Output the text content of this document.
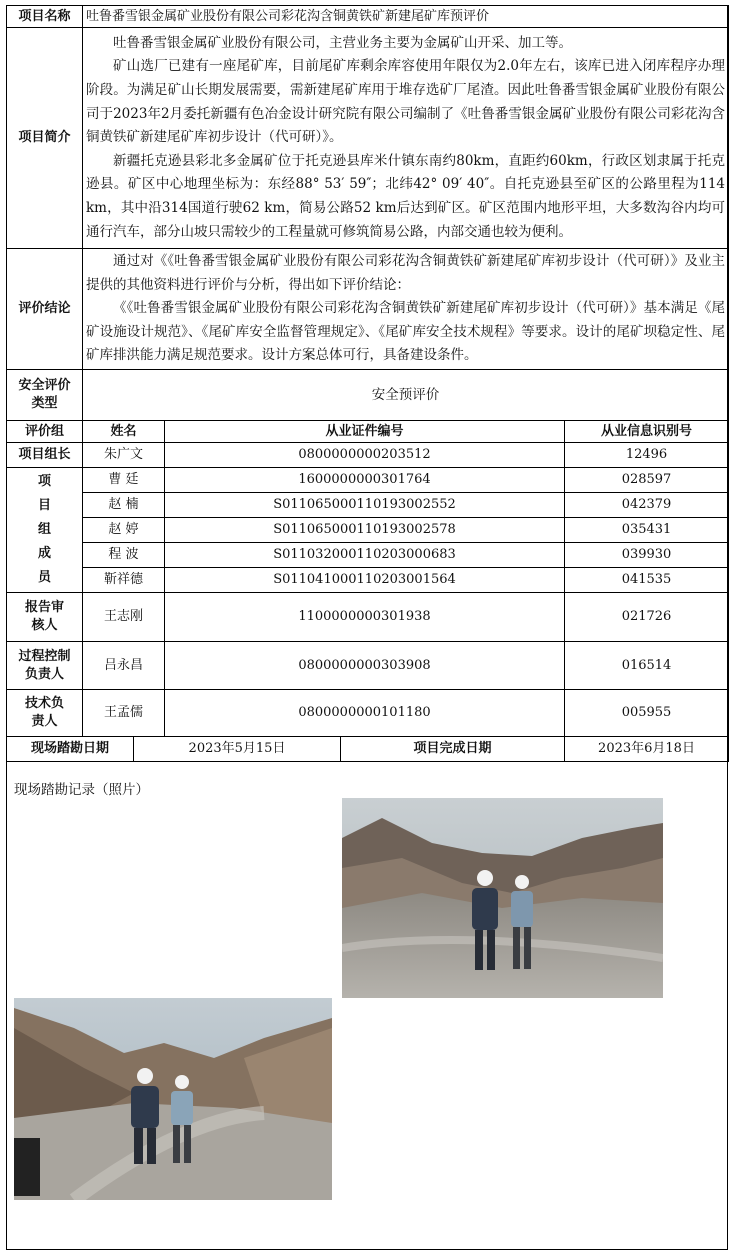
项目名称	吐鲁番雪银金属矿业股份有限公司彩花沟含铜黄铁矿新建尾矿库预评价				
项目简介	吐鲁番雪银金属矿业股份有限公司，主营业务主要为金属矿山开采、加工等。

矿山选厂已建有一座尾矿库，目前尾矿库剩余库容使用年限仅为2.0年左右，该库已进入闭库程序办理阶段。为满足矿山长期发展需要，需新建尾矿库用于堆存选矿厂尾渣。因此吐鲁番雪银金属矿业股份有限公司于2023年2月委托新疆有色冶金设计研究院有限公司编制了《吐鲁番雪银金属矿业股份有限公司彩花沟含铜黄铁矿新建尾矿库初步设计（代可研）》。

新疆托克逊县彩北多金属矿位于托克逊县库米什镇东南约80km，直距约60km，行政区划隶属于托克逊县。矿区中心地理坐标为：东经88° 53′ 59″；北纬42° 09′ 40″。自托克逊县至矿区的公路里程为114 km，其中沿314国道行驶62 km，简易公路52 km后达到矿区。矿区范围内地形平坦，大多数沟谷内均可通行汽车，部分山坡只需较少的工程量就可修筑简易公路，内部交通也较为便利。				

评价结论	通过对《《吐鲁番雪银金属矿业股份有限公司彩花沟含铜黄铁矿新建尾矿库初步设计（代可研）》及业主提供的其他资料进行评价与分析，得出如下评价结论：

《《吐鲁番雪银金属矿业股份有限公司彩花沟含铜黄铁矿新建尾矿库初步设计（代可研）》基本满足《尾矿设施设计规范》、《尾矿库安全监督管理规定》、《尾矿库安全技术规程》等要求。设计的尾矿坝稳定性、尾矿库排洪能力满足规范要求。设计方案总体可行，具备建设条件。				

安全评价类型	安全预评价				
评价组	姓名		从业证件编号		从业信息识别号
项目组长	朱广文		0800000000203512		12496

项
目
组
成
员	曹 廷		1600000000301764		028597
	赵 楠		S011065000110193002552		042379
	赵 婷		S011065000110193002578		035431
	程 波		S011032000110203000683		039930
	靳祥德		S011041000110203001564		041535
报告审核人	王志刚		1100000000301938		021726
过程控制负责人	吕永昌		0800000000303908		016514
技术负责人	王孟儒		0800000000101180		005955
现场踏勘日期		2023年5月15日		项目完成日期	2023年6月18日
现场踏勘记录（照片）
